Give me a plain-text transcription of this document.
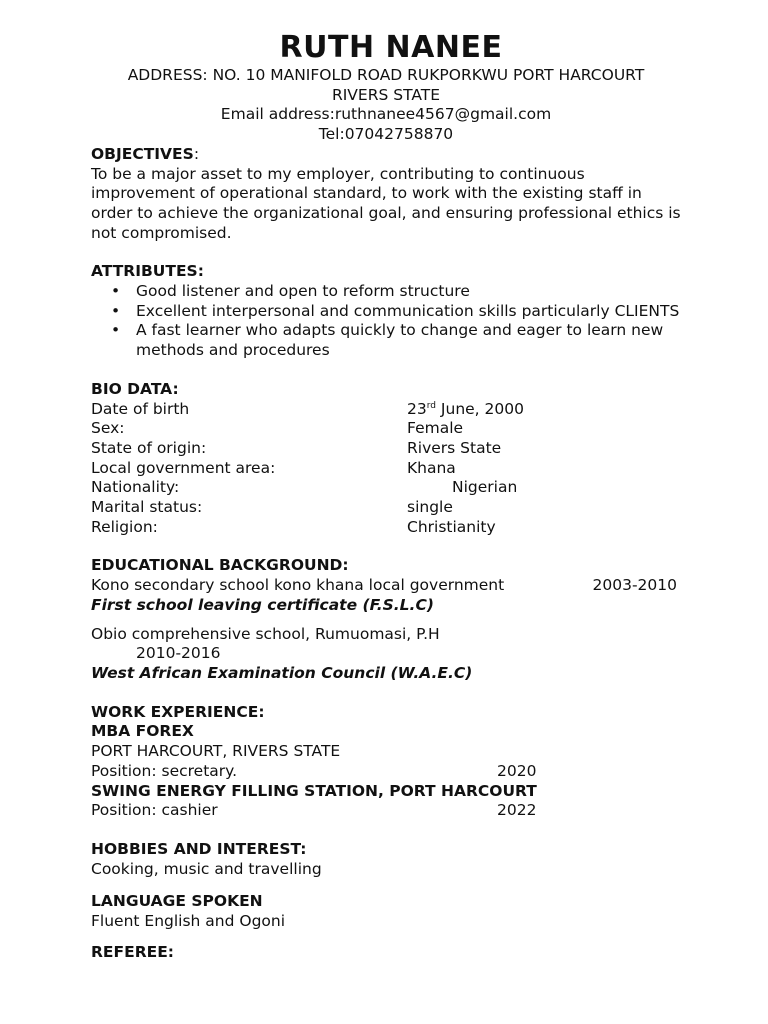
RUTH NANEE
ADDRESS: NO. 10 MANIFOLD ROAD RUKPORKWU PORT HARCOURT
RIVERS STATE
Email address:ruthnanee4567@gmail.com
Tel:07042758870
OBJECTIVES:
To be a major asset to my employer, contributing to continuous improvement of operational standard, to work with the existing staff in order to achieve the organizational goal, and ensuring professional ethics is not compromised.
ATTRIBUTES:
• Good listener and open to reform structure
• Excellent interpersonal and communication skills particularly CLIENTS
• A fast learner who adapts quickly to change and eager to learn new methods and procedures
BIO DATA:
Date of birth	23rd June, 2000
Sex:	Female
State of origin:	Rivers State
Local government area:	Khana
Nationality:	Nigerian
Marital status:	single
Religion:	Christianity
EDUCATIONAL BACKGROUND:
Kono secondary school kono khana local government	2003-2010
First school leaving certificate (F.S.L.C)
Obio comprehensive school, Rumuomasi, P.H
2010-2016
West African Examination Council (W.A.E.C)
WORK EXPERIENCE:
MBA FOREX
PORT HARCOURT, RIVERS STATE
Position: secretary.	2020
SWING ENERGY FILLING STATION, PORT HARCOURT
Position: cashier	2022
HOBBIES AND INTEREST:
Cooking, music and travelling
LANGUAGE SPOKEN
Fluent English and Ogoni
REFEREE:
